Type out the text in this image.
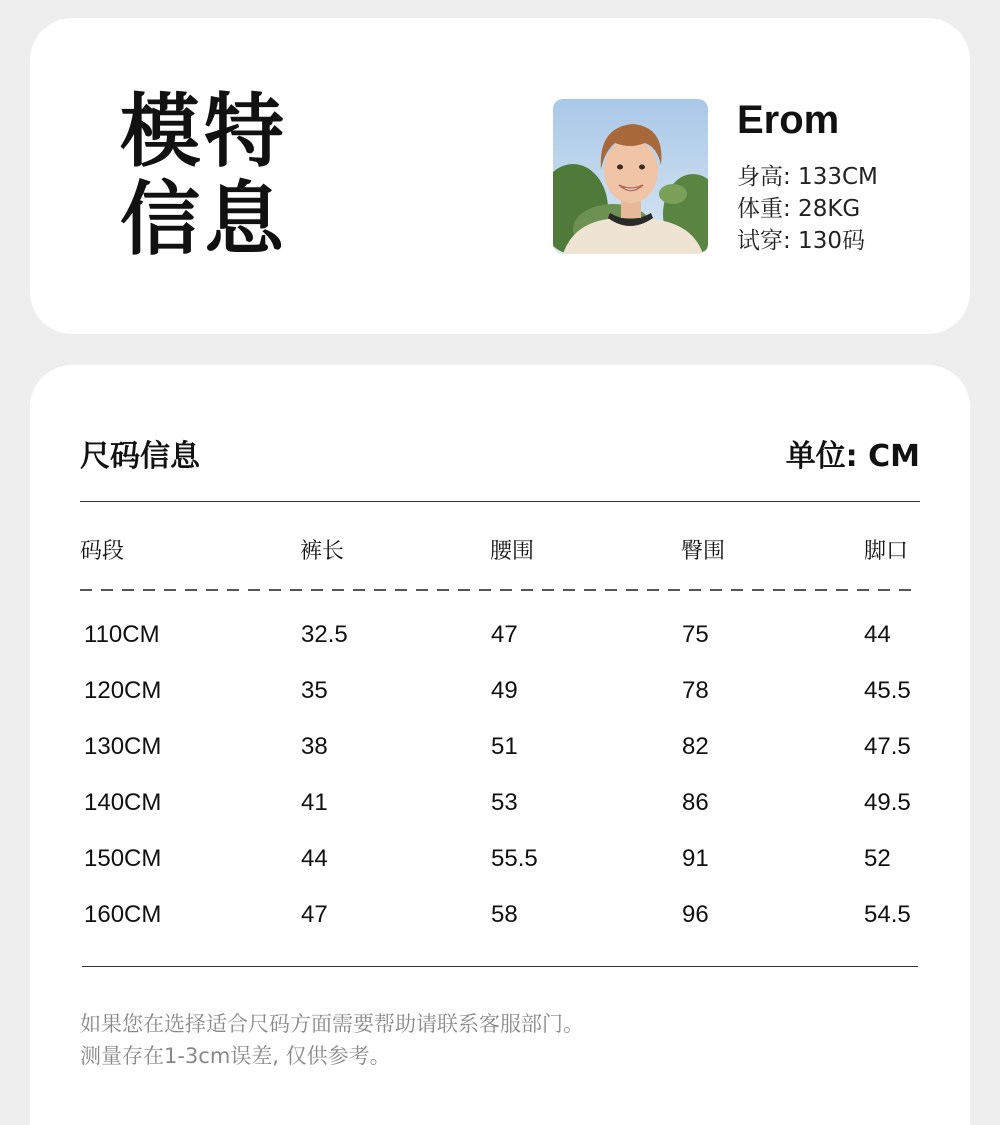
模特
信息
Erom
身高: 133CM
体重: 28KG
试穿: 130码
尺码信息	单位: CM
码段	裤长	腰围	臀围	脚口
110CM	32.5	47	75	44
120CM	35	49	78	45.5
130CM	38	51	82	47.5
140CM	41	53	86	49.5
150CM	44	55.5	91	52
160CM	47	58	96	54.5

如果您在选择适合尺码方面需要帮助请联系客服部门。
测量存在1-3cm误差, 仅供参考。
